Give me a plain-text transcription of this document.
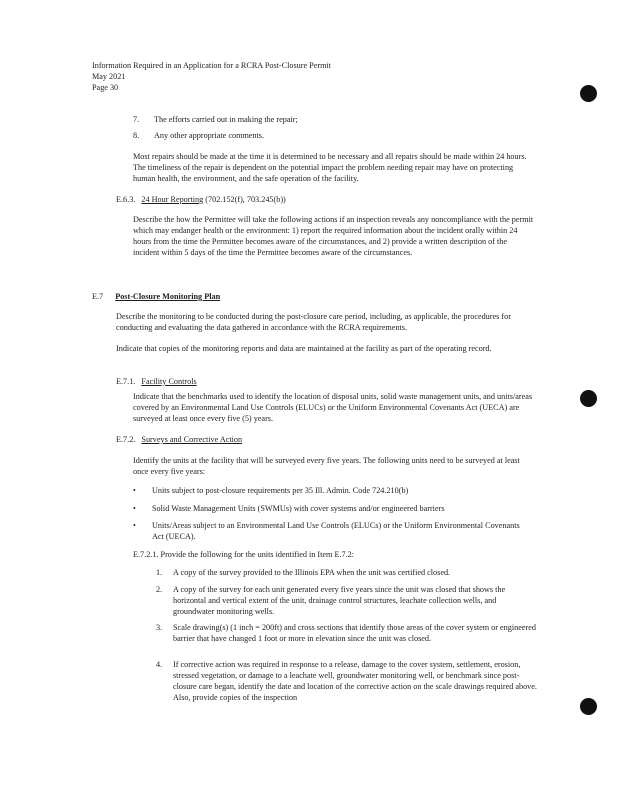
Information Required in an Application for a RCRA Post-Closure Permit
May 2021
Page 30
7. The efforts carried out in making the repair;
8. Any other appropriate comments.
Most repairs should be made at the time it is determined to be necessary and all repairs should be made within 24 hours. The timeliness of the repair is dependent on the potential impact the problem needing repair may have on protecting human health, the environment, and the safe operation of the facility.
E.6.3. 24 Hour Reporting (702.152(f), 703.245(b))
Describe the how the Permittee will take the following actions if an inspection reveals any noncompliance with the permit which may endanger health or the environment: 1) report the required information about the incident orally within 24 hours from the time the Permittee becomes aware of the circumstances, and 2) provide a written description of the incident within 5 days of the time the Permittee becomes aware of the circumstances.
E.7 Post-Closure Monitoring Plan
Describe the monitoring to be conducted during the post-closure care period, including, as applicable, the procedures for conducting and evaluating the data gathered in accordance with the RCRA requirements.
Indicate that copies of the monitoring reports and data are maintained at the facility as part of the operating record.
E.7.1. Facility Controls
Indicate that the benchmarks used to identify the location of disposal units, solid waste management units, and units/areas covered by an Environmental Land Use Controls (ELUCs) or the Uniform Environmental Covenants Act (UECA) are surveyed at least once every five (5) years.
E.7.2. Surveys and Corrective Action
Identify the units at the facility that will be surveyed every five years. The following units need to be surveyed at least once every five years:
• Units subject to post-closure requirements per 35 Ill. Admin. Code 724.210(b)
• Solid Waste Management Units (SWMUs) with cover systems and/or engineered barriers
• Units/Areas subject to an Environmental Land Use Controls (ELUCs) or the Uniform Environmental Covenants Act (UECA).
E.7.2.1. Provide the following for the units identified in Item E.7.2:
1. A copy of the survey provided to the Illinois EPA when the unit was certified closed.
2. A copy of the survey for each unit generated every five years since the unit was closed that shows the horizontal and vertical extent of the unit, drainage control structures, leachate collection wells, and groundwater monitoring wells.
3. Scale drawing(s) (1 inch = 200ft) and cross sections that identify those areas of the cover system or engineered barrier that have changed 1 foot or more in elevation since the unit was closed.
4. If corrective action was required in response to a release, damage to the cover system, settlement, erosion, stressed vegetation, or damage to a leachate well, groundwater monitoring well, or benchmark since post-closure care began, identify the date and location of the corrective action on the scale drawings required above. Also, provide copies of the inspection
